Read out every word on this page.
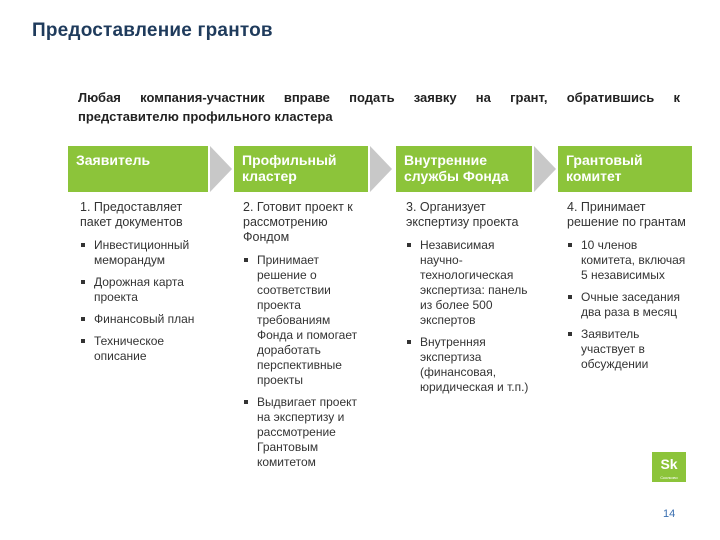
Предоставление грантов
Любая компания-участник вправе подать заявку на грант, обратившись к
представителю профильного кластера
Заявитель	Профильный кластер
Внутренние службы Фонда
Грантовый комитет
1. Предоставляет пакет документов
Инвестиционный меморандум
Дорожная карта проекта
Финансовый план
Техническое описание
2. Готовит проект к рассмотрению Фондом
Принимает решение о соответствии проекта требованиям Фонда и помогает доработать перспективные проекты
Выдвигает проект на экспертизу и рассмотрение Грантовым комитетом
3. Организует экспертизу проекта
Независимая научно-технологическая экспертиза: панель из более 500 экспертов
Внутренняя экспертиза (финансовая, юридическая и т.п.)
4. Принимает решение по грантам
10 членов комитета, включая 5 независимых
Очные заседания два раза в месяц
Заявитель участвует в обсуждении
Sk
Сколково
14
